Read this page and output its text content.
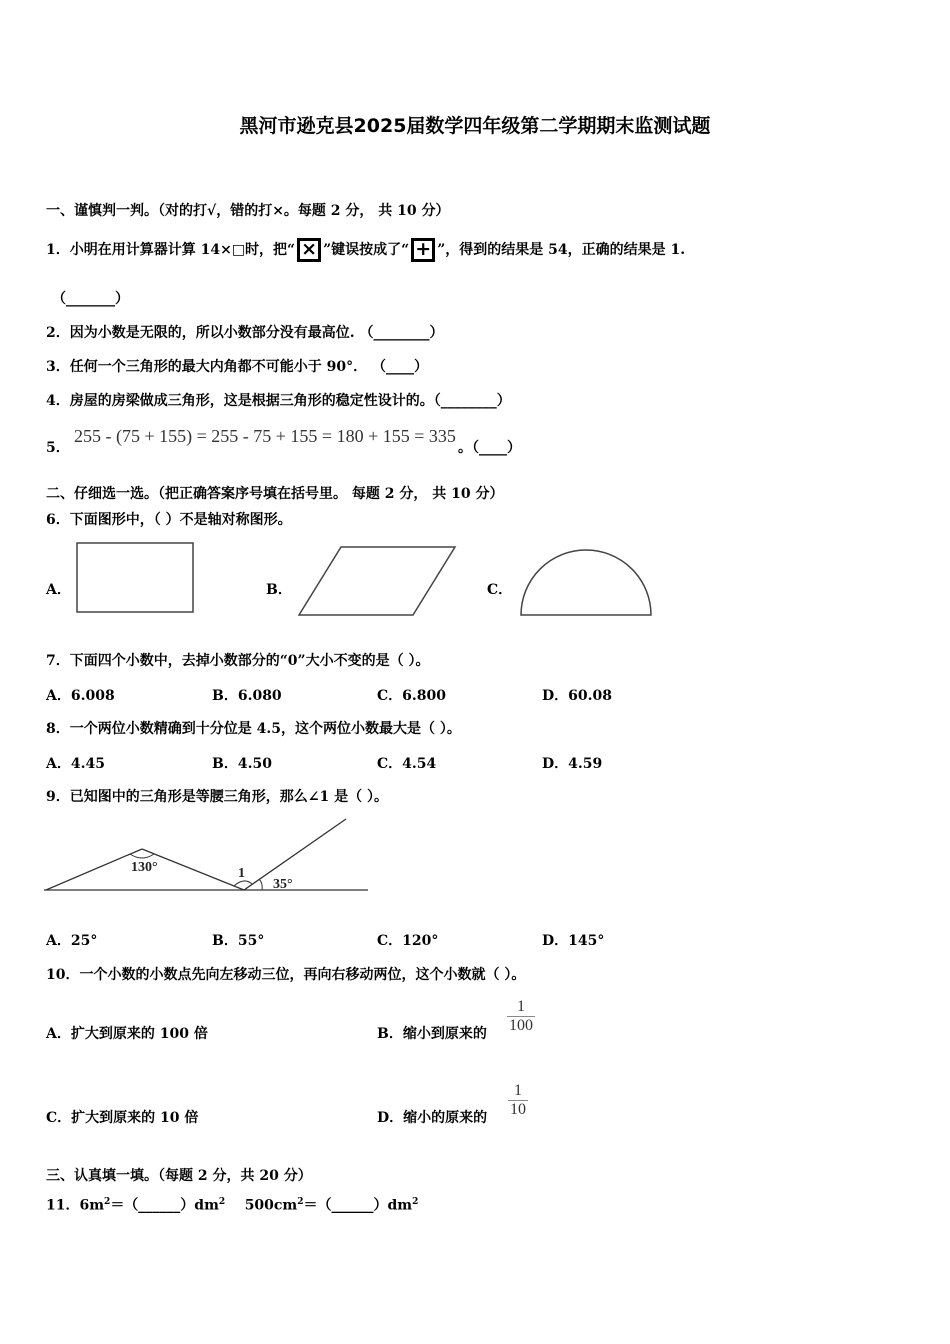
黑河市逊克县2025届数学四年级第二学期期末监测试题
一、谨慎判一判。（对的打√，错的打×。每题 2 分， 共 10 分）
1．小明在用计算器计算 14×□时，把“ × ”键误按成了“ + ”，得到的结果是 54，正确的结果是 1.
（_______）
2．因为小数是无限的，所以小数部分没有最高位. （________）
3．任何一个三角形的最大内角都不可能小于 90°． （____）
4．房屋的房梁做成三角形，这是根据三角形的稳定性设计的。（________）
5．
255 - (75 + 155) = 255 - 75 + 155 = 180 + 155 = 335
。（____）
二、仔细选一选。（把正确答案序号填在括号里。 每题 2 分， 共 10 分）
6．下面图形中，（ ）不是轴对称图形。
A．	B．	C．
7．下面四个小数中，去掉小数部分的“0”大小不变的是（ ）。
A．6.008	B．6.080	C．6.800	D．60.08
8．一个两位小数精确到十分位是 4.5，这个两位小数最大是（ ）。
A．4.45	B．4.50	C．4.54	D．4.59
9．已知图中的三角形是等腰三角形，那么∠1 是（ ）。
130°	1
35°
A．25°	B．55°	C．120°	D．145°
10．一个小数的小数点先向左移动三位，再向右移动两位，这个小数就（ ）。
A．扩大到原来的 100 倍	B．缩小到原来的 $\frac{1}{100}$
C．扩大到原来的 10 倍	D．缩小的原来的 $\frac{1}{10}$
三、认真填一填。（每题 2 分，共 20 分）
11．$6m^2=(\_\_\_\_\_\_)dm^2$ $500cm^2=(\_\_\_\_\_\_)dm^2$
